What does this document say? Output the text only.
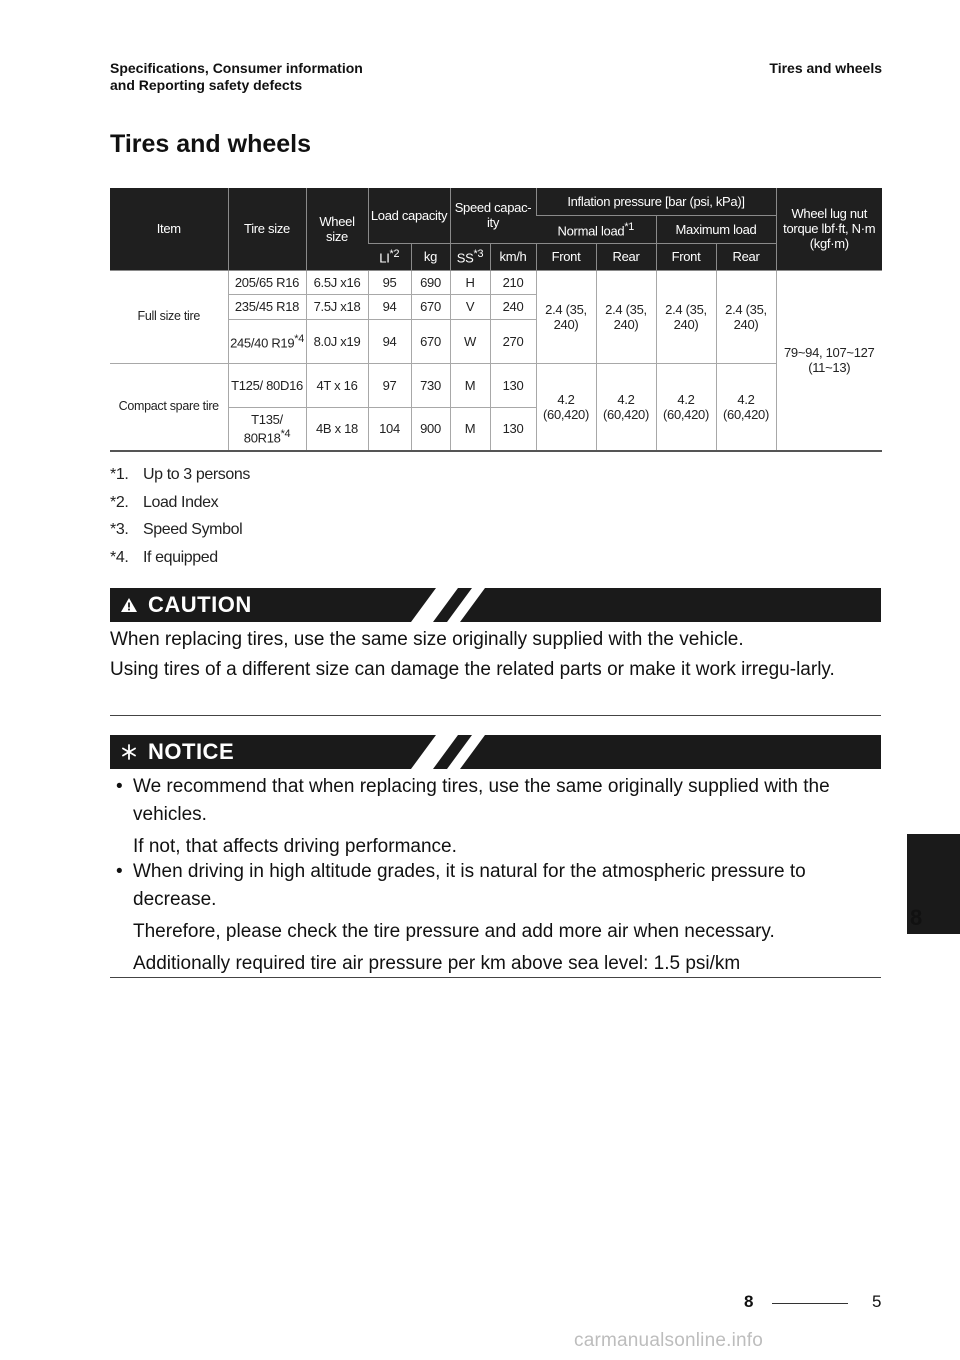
Specifications, Consumer information
and Reporting safety defects
Tires and wheels
Tires and wheels
Item	Tire size	Wheel size	Load capacity		Speed capac-ity		Inflation pressure [bar (psi, kPa)]				Wheel lug nut torque lbf·ft, N·m (kgf·m)
							Normal load$^{*1}$		Maximum load		
			LI$^{*2}$	kg	SS$^{*3}$	km/h	Front	Rear	Front	Rear	
Full size tire	205/65 R16	6.5J x16	95	690	H	210	2.4 (35, 240)	2.4 (35, 240)	2.4 (35, 240)	2.4 (35, 240)	79~94, 107~127 (11~13)
	235/45 R18	7.5J x18	94	670	V	240					
	245/40 R19$^{*4}$	8.0J x19	94	670	W	270					
Compact spare tire	T125/ 80D16	4T x 16	97	730	M	130	4.2 (60,420)	4.2 (60,420)	4.2 (60,420)	4.2 (60,420)	
	T135/ 80R18$^{*4}$	4B x 18	104	900	M	130					
*1. Up to 3 persons
*2. Load Index
*3. Speed Symbol
*4. If equipped
CAUTION
When replacing tires, use the same size originally supplied with the vehicle.
Using tires of a different size can damage the related parts or make it work irregu-larly.
NOTICE
• We recommend that when replacing tires, use the same originally supplied with the vehicles.
If not, that affects driving performance.
• When driving in high altitude grades, it is natural for the atmospheric pressure to decrease.
Therefore, please check the tire pressure and add more air when necessary.
Additionally required tire air pressure per km above sea level: 1.5 psi/km
8
8	5
carmanualsonline.info
